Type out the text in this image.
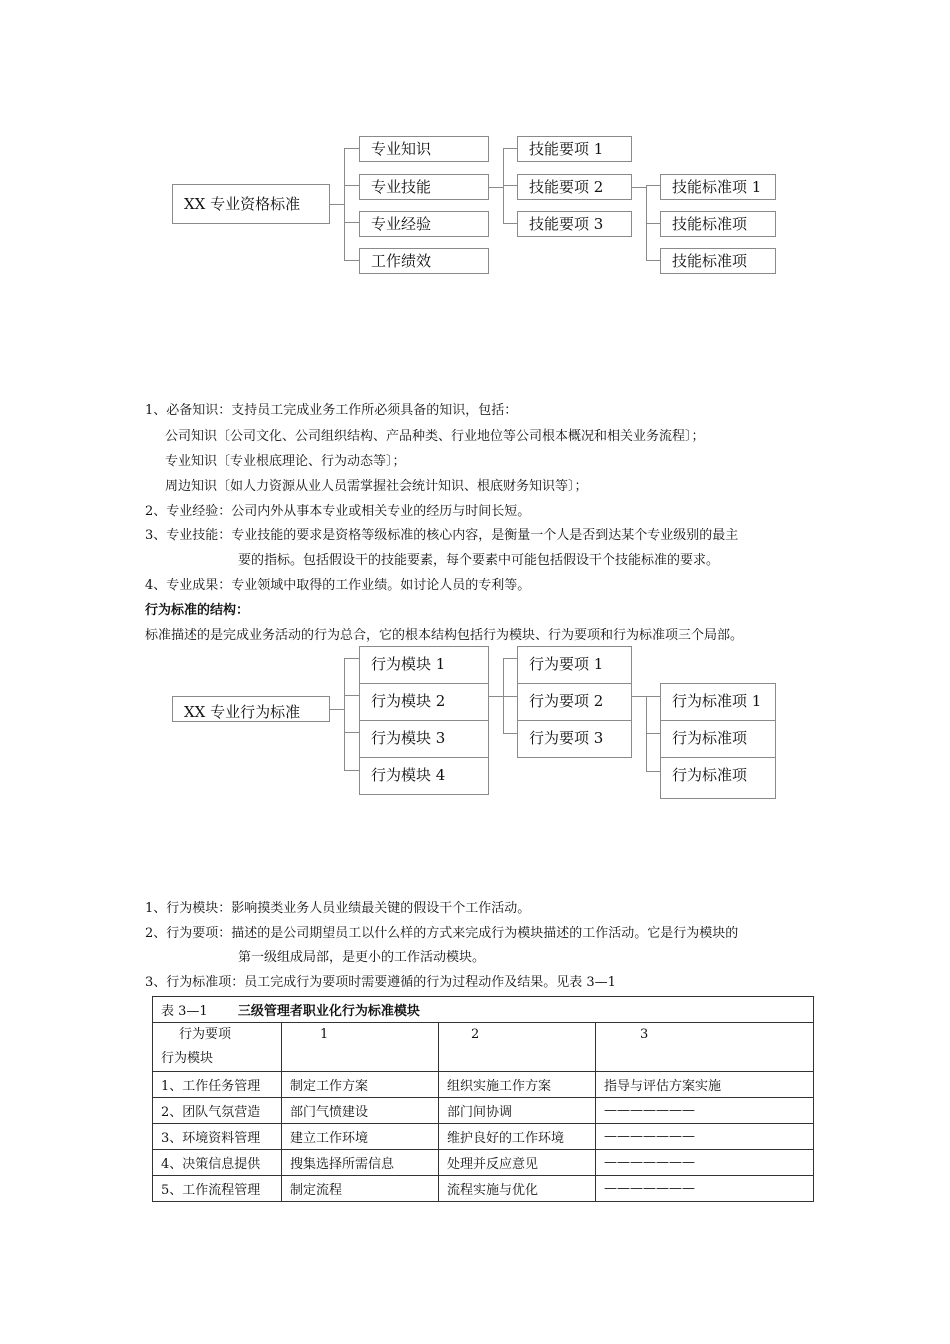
XX 专业资格标准
专业知识
专业技能
专业经验
工作绩效
技能要项 1
技能要项 2
技能要项 3
技能标准项 1
技能标准项
技能标准项
1、必备知识：支持员工完成业务工作所必须具备的知识，包括：
公司知识〔公司文化、公司组织结构、产品种类、行业地位等公司根本概况和相关业务流程〕；
专业知识〔专业根底理论、行为动态等〕；
周边知识〔如人力资源从业人员需掌握社会统计知识、根底财务知识等〕；
2、专业经验：公司内外从事本专业或相关专业的经历与时间长短。
3、专业技能：专业技能的要求是资格等级标准的核心内容，是衡量一个人是否到达某个专业级别的最主
要的指标。包括假设干的技能要素，每个要素中可能包括假设干个技能标准的要求。
4、专业成果：专业领域中取得的工作业绩。如讨论人员的专利等。
行为标准的结构：
标准描述的是完成业务活动的行为总合，它的根本结构包括行为模块、行为要项和行为标准项三个局部。
XX 专业行为标准
行为模块 1
行为模块 2
行为模块 3
行为模块 4
行为要项 1
行为要项 2
行为要项 3
行为标准项 1
行为标准项
行为标准项
1、行为模块：影响摸类业务人员业绩最关键的假设干个工作活动。
2、行为要项：描述的是公司期望员工以什么样的方式来完成行为模块描述的工作活动。它是行为模块的
第一级组成局部，是更小的工作活动模块。
3、行为标准项：员工完成行为要项时需要遵循的行为过程动作及结果。见表 3—1
表 3—1 三级管理者职业化行为标准模块			

行为要项
行为模块	1	2	3
1、工作任务管理	制定工作方案	组织实施工作方案	指导与评估方案实施
2、团队气氛营造	部门气愤建设	部门间协调	———————
3、环境资料管理	建立工作环境	维护良好的工作环境	———————
4、决策信息提供	搜集选择所需信息	处理并反应意见	———————
5、工作流程管理	制定流程	流程实施与优化	———————
